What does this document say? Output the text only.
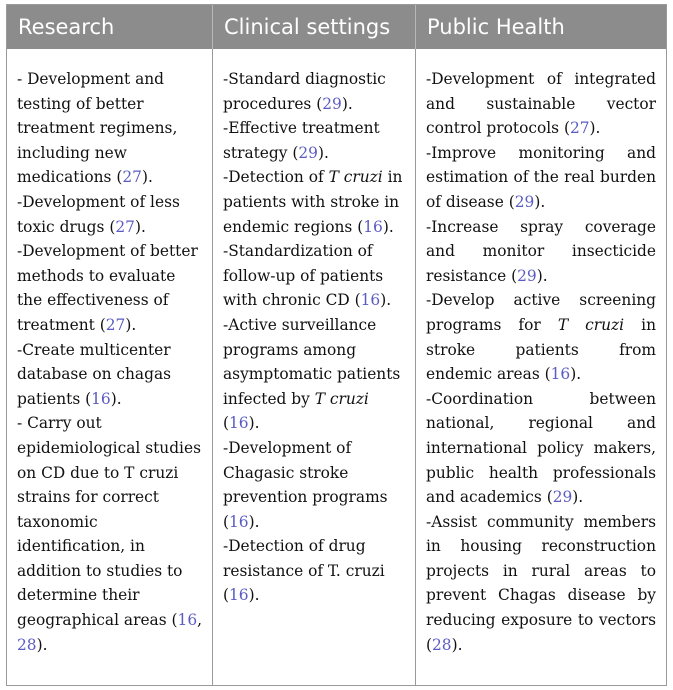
Research	Clinical settings	Public Health
- Development and testing of better treatment regimens, including new medications (27).
-Development of less toxic drugs (27).
-Development of better methods to evaluate the effectiveness of treatment (27).
-Create multicenter database on chagas patients (16).
- Carry out epidemiological studies on CD due to T cruzi strains for correct taxonomic identification, in addition to studies to determine their geographical areas (16, 28).
-Standard diagnostic procedures (29).
-Effective treatment strategy (29).
-Detection of T cruzi in patients with stroke in endemic regions (16).
-Standardization of follow-up of patients with chronic CD (16).
-Active surveillance programs among asymptomatic patients infected by T cruzi (16).
-Development of Chagasic stroke prevention programs (16).
-Detection of drug resistance of T. cruzi (16).
-Development of integrated and sustainable vector control protocols (27).
-Improve monitoring and estimation of the real burden of disease (29).
-Increase spray coverage and monitor insecticide resistance (29).
-Develop active screening programs for T cruzi in stroke patients from endemic areas (16).
-Coordination between national, regional and international policy makers, public health professionals and academics (29).
-Assist community members in housing reconstruction projects in rural areas to prevent Chagas disease by reducing exposure to vectors (28).
